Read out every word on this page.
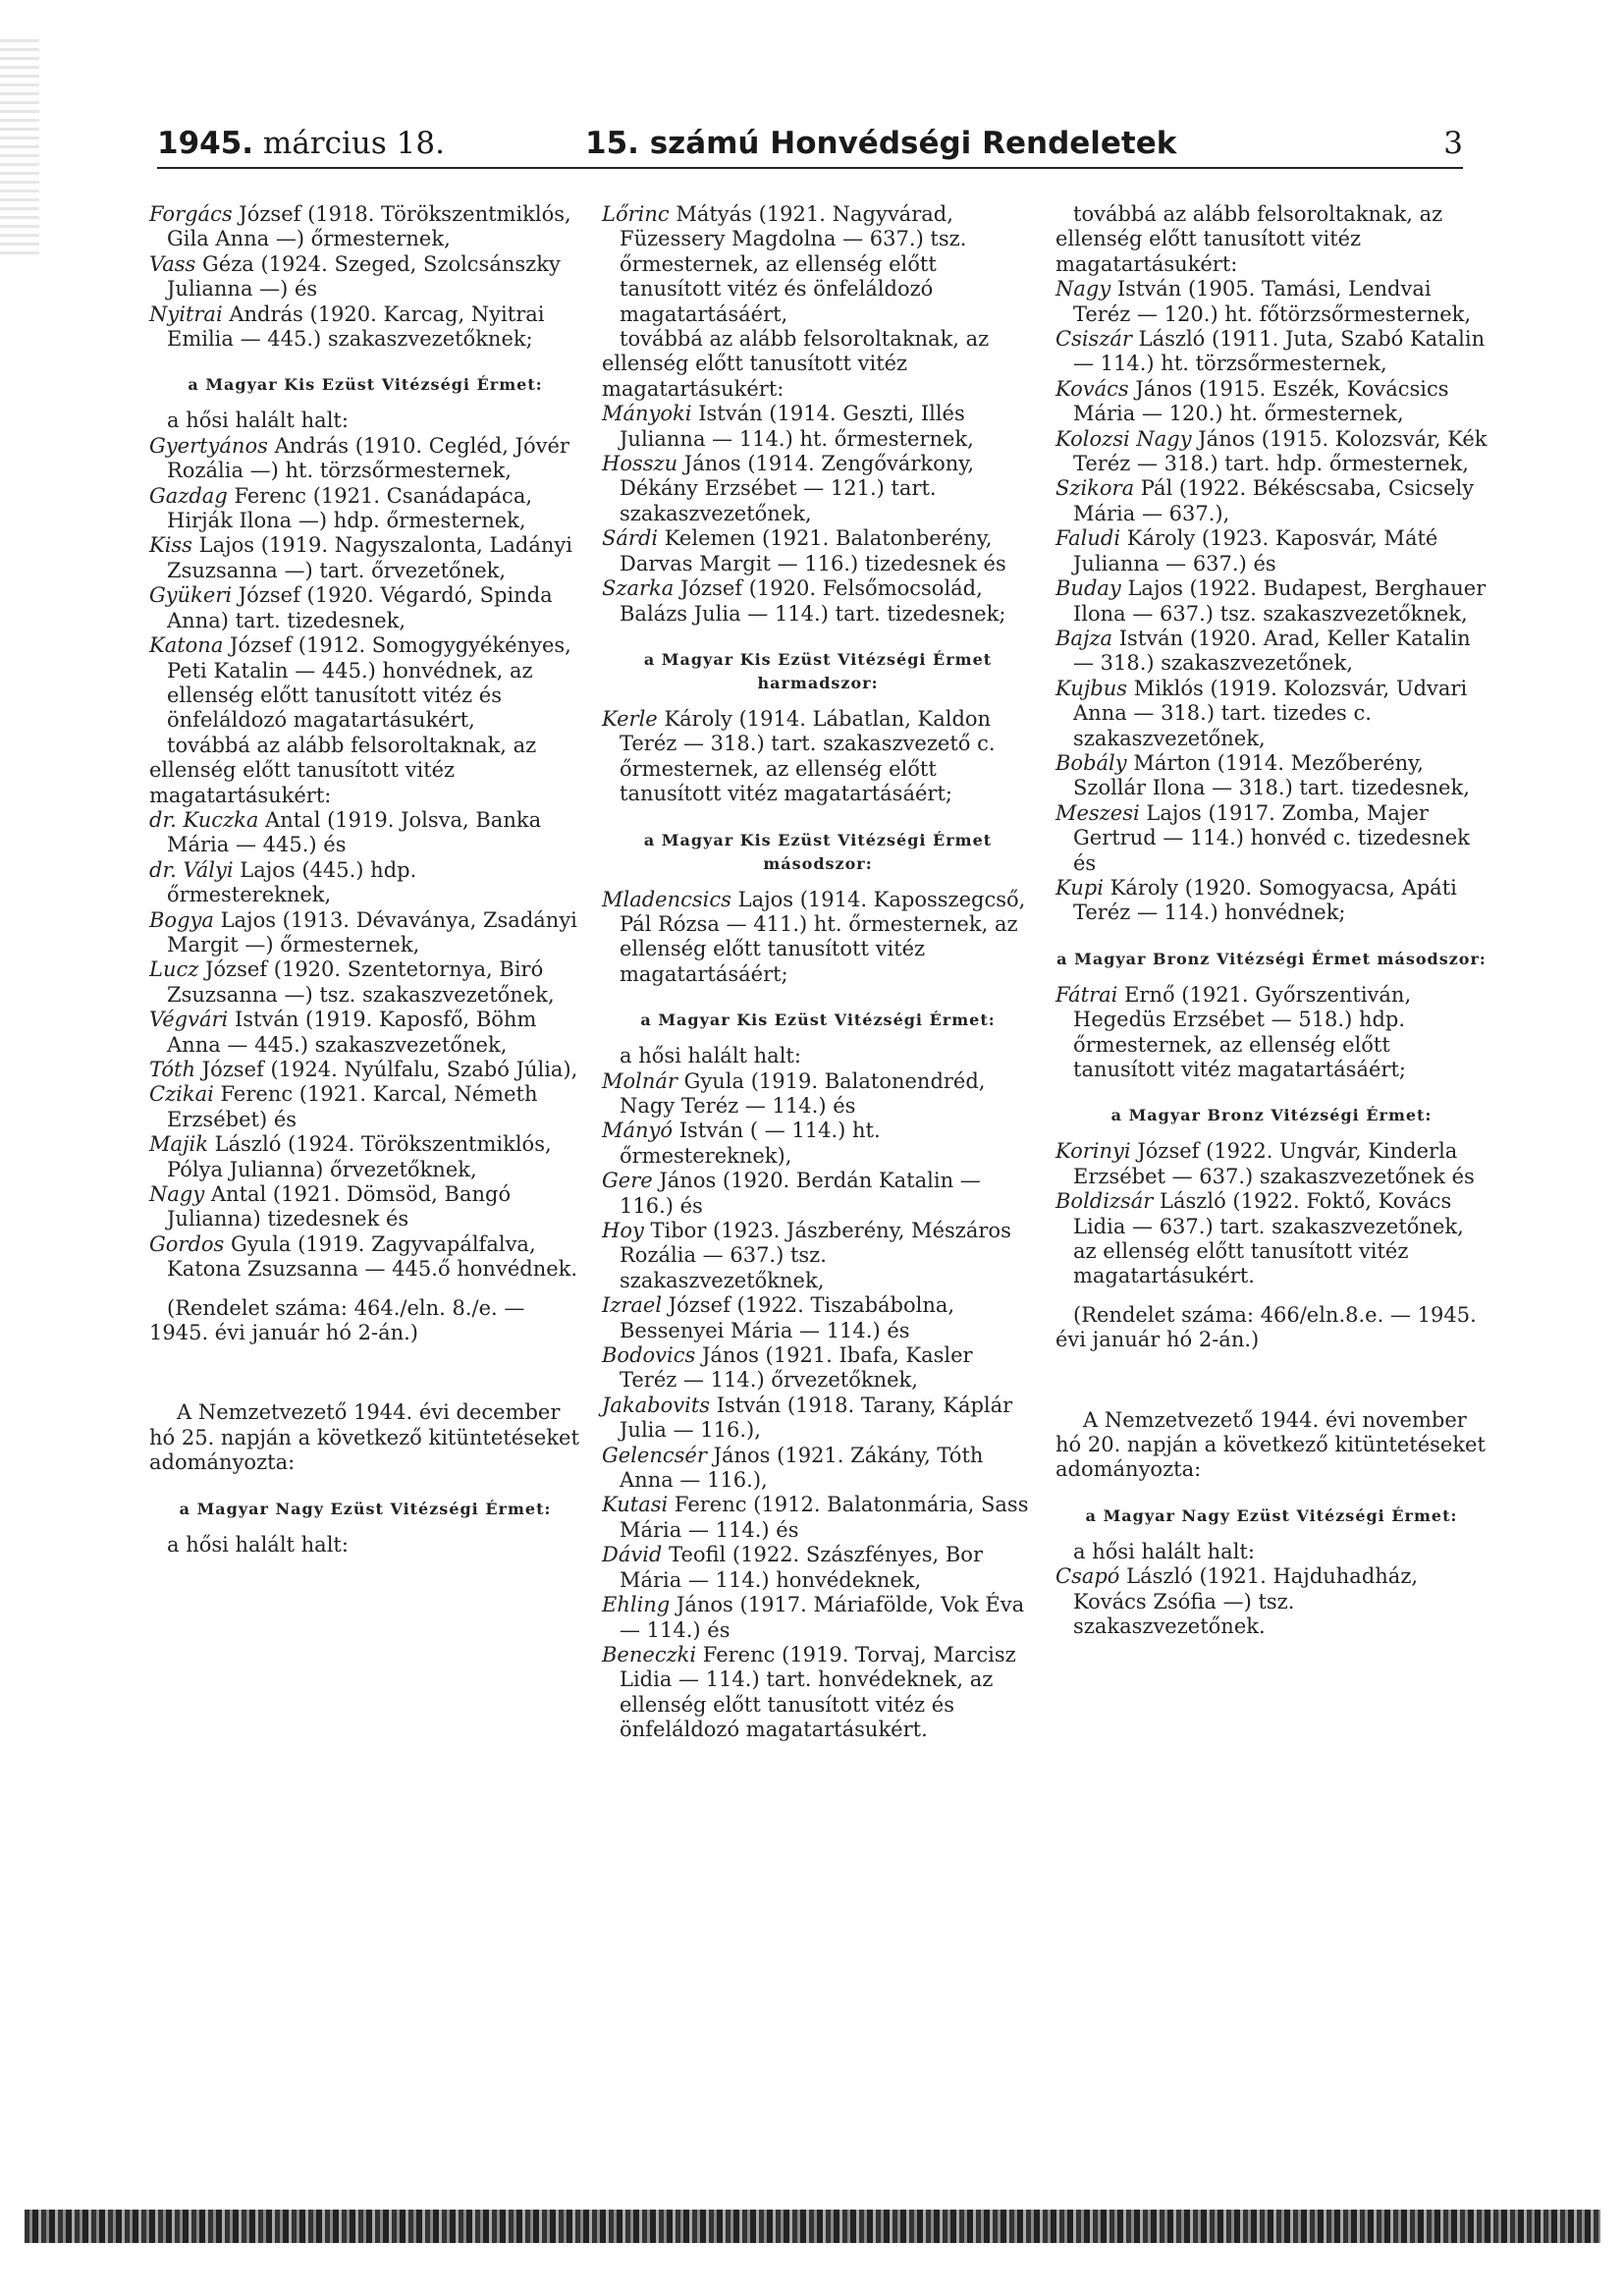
1945. március 18.	15. számú Honvédségi Rendeletek	3

Forgács József (1918. Törökszentmiklós, Gila Anna —) őrmesternek,

Vass Géza (1924. Szeged, Szolcsánszky Julianna —) és

Nyitrai András (1920. Karcag, Nyitrai Emilia — 445.) szakaszvezetőknek;

a Magyar Kis Ezüst Vitézségi Érmet:

a hősi halált halt:

Gyertyános András (1910. Cegléd, Jóvér Rozália —) ht. törzsőrmesternek,

Gazdag Ferenc (1921. Csanádapáca, Hirják Ilona —) hdp. őrmesternek,

Kiss Lajos (1919. Nagyszalonta, Ladányi Zsuzsanna —) tart. őrvezetőnek,

Gyükeri József (1920. Végardó, Spinda Anna) tart. tizedesnek,

Katona József (1912. Somogygyékényes, Peti Katalin — 445.) honvédnek, az ellenség előtt tanusított vitéz és önfeláldozó magatartásukért,

továbbá az alább felsoroltaknak, az ellenség előtt tanusított vitéz magatartásukért:

dr. Kuczka Antal (1919. Jolsva, Banka Mária — 445.) és

dr. Vályi Lajos (445.) hdp. őrmestereknek,

Bogya Lajos (1913. Dévaványa, Zsadányi Margit —) őrmesternek,

Lucz József (1920. Szentetornya, Biró Zsuzsanna —) tsz. szakaszvezetőnek,

Végvári István (1919. Kaposfő, Böhm Anna — 445.) szakaszvezetőnek,

Tóth József (1924. Nyúlfalu, Szabó Júlia),

Czikai Ferenc (1921. Karcal, Németh Erzsébet) és

Majik László (1924. Törökszentmiklós, Pólya Julianna) őrvezetőknek,

Nagy Antal (1921. Dömsöd, Bangó Julianna) tizedesnek és

Gordos Gyula (1919. Zagyvapálfalva, Katona Zsuzsanna — 445.ő honvédnek.

(Rendelet száma: 464./eln. 8./e. — 1945. évi január hó 2-án.)

A Nemzetvezető 1944. évi december hó 25. napján a következő kitüntetéseket adományozta:

a Magyar Nagy Ezüst Vitézségi Érmet:

a hősi halált halt:

Lőrinc Mátyás (1921. Nagyvárad, Füzessery Magdolna — 637.) tsz. őrmesternek, az ellenség előtt tanusított vitéz és önfeláldozó magatartásáért,

továbbá az alább felsoroltaknak, az ellenség előtt tanusított vitéz magatartásukért:

Mányoki István (1914. Geszti, Illés Julianna — 114.) ht. őrmesternek,

Hosszu János (1914. Zengővárkony, Dékány Erzsébet — 121.) tart. szakaszvezetőnek,

Sárdi Kelemen (1921. Balatonberény, Darvas Margit — 116.) tizedesnek és

Szarka József (1920. Felsőmocsolád, Balázs Julia — 114.) tart. tizedesnek;

a Magyar Kis Ezüst Vitézségi Érmet harmadszor:

Kerle Károly (1914. Lábatlan, Kaldon Teréz — 318.) tart. szakaszvezető c. őrmesternek, az ellenség előtt tanusított vitéz magatartásáért;

a Magyar Kis Ezüst Vitézségi Érmet másodszor:

Mladencsics Lajos (1914. Kaposszegcső, Pál Rózsa — 411.) ht. őrmesternek, az ellenség előtt tanusított vitéz magatartásáért;

a Magyar Kis Ezüst Vitézségi Érmet:

a hősi halált halt:

Molnár Gyula (1919. Balatonendréd, Nagy Teréz — 114.) és

Mányó István ( — 114.) ht. őrmestereknek),

Gere János (1920. Berdán Katalin — 116.) és

Hoy Tibor (1923. Jászberény, Mészáros Rozália — 637.) tsz. szakaszvezetőknek,

Izrael József (1922. Tiszabábolna, Bessenyei Mária — 114.) és

Bodovics János (1921. Ibafa, Kasler Teréz — 114.) őrvezetőknek,

Jakabovits István (1918. Tarany, Káplár Julia — 116.),

Gelencsér János (1921. Zákány, Tóth Anna — 116.),

Kutasi Ferenc (1912. Balatonmária, Sass Mária — 114.) és

Dávid Teofil (1922. Szászfényes, Bor Mária — 114.) honvédeknek,

Ehling János (1917. Máriafölde, Vok Éva — 114.) és

Beneczki Ferenc (1919. Torvaj, Marcisz Lidia — 114.) tart. honvédeknek, az ellenség előtt tanusított vitéz és önfeláldozó magatartásukért.

továbbá az alább felsoroltaknak, az ellenség előtt tanusított vitéz magatartásukért:

Nagy István (1905. Tamási, Lendvai Teréz — 120.) ht. főtörzsőrmesternek,

Csiszár László (1911. Juta, Szabó Katalin — 114.) ht. törzsőrmesternek,

Kovács János (1915. Eszék, Kovácsics Mária — 120.) ht. őrmesternek,

Kolozsi Nagy János (1915. Kolozsvár, Kék Teréz — 318.) tart. hdp. őrmesternek,

Szikora Pál (1922. Békéscsaba, Csicsely Mária — 637.),

Faludi Károly (1923. Kaposvár, Máté Julianna — 637.) és

Buday Lajos (1922. Budapest, Berghauer Ilona — 637.) tsz. szakaszvezetőknek,

Bajza István (1920. Arad, Keller Katalin — 318.) szakaszvezetőnek,

Kujbus Miklós (1919. Kolozsvár, Udvari Anna — 318.) tart. tizedes c. szakaszvezetőnek,

Bobály Márton (1914. Mezőberény, Szollár Ilona — 318.) tart. tizedesnek,

Meszesi Lajos (1917. Zomba, Majer Gertrud — 114.) honvéd c. tizedesnek és

Kupi Károly (1920. Somogyacsa, Apáti Teréz — 114.) honvédnek;

a Magyar Bronz Vitézségi Érmet másodszor:

Fátrai Ernő (1921. Győrszentiván, Hegedüs Erzsébet — 518.) hdp. őrmesternek, az ellenség előtt tanusított vitéz magatartásáért;

a Magyar Bronz Vitézségi Érmet:

Korinyi József (1922. Ungvár, Kinderla Erzsébet — 637.) szakaszvezetőnek és

Boldizsár László (1922. Foktő, Kovács Lidia — 637.) tart. szakaszvezetőnek, az ellenség előtt tanusított vitéz magatartásukért.

(Rendelet száma: 466/eln.8.e. — 1945. évi január hó 2-án.)

A Nemzetvezető 1944. évi november hó 20. napján a következő kitüntetéseket adományozta:

a Magyar Nagy Ezüst Vitézségi Érmet:

a hősi halált halt:

Csapó László (1921. Hajduhadház, Kovács Zsófia —) tsz. szakaszvezetőnek.
